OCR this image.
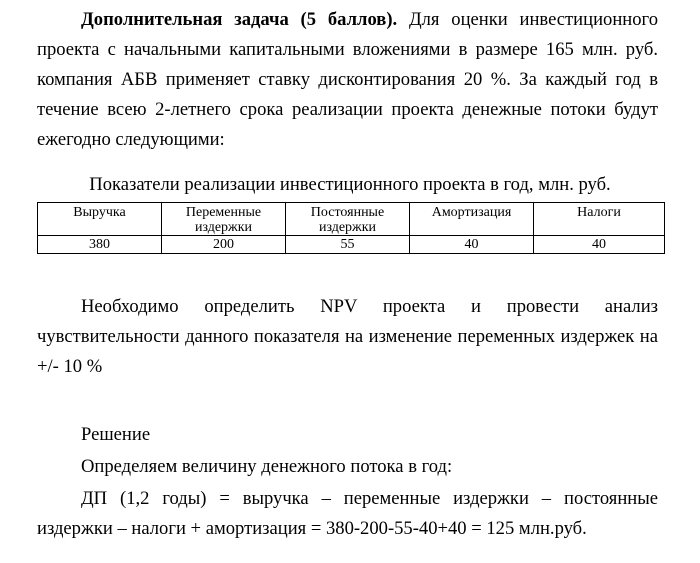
Дополнительная задача (5 баллов). Для оценки инвестиционного проекта с начальными капитальными вложениями в размере 165 млн. руб. компания АБВ применяет ставку дисконтирования 20 %. За каждый год в течение всею 2-летнего срока реализации проекта денежные потоки будут ежегодно следующими:

Показатели реализации инвестиционного проекта в год, млн. руб.

Выручка	Переменные издержки	Постоянные издержки	Амортизация	Налоги
380	200	55	40	40

Необходимо определить NPV проекта и провести анализ чувствительности данного показателя на изменение переменных издержек на +/- 10 %

Решение

Определяем величину денежного потока в год:

ДП (1,2 годы) = выручка – переменные издержки – постоянные издержки – налоги + амортизация = 380-200-55-40+40 = 125 млн.руб.
